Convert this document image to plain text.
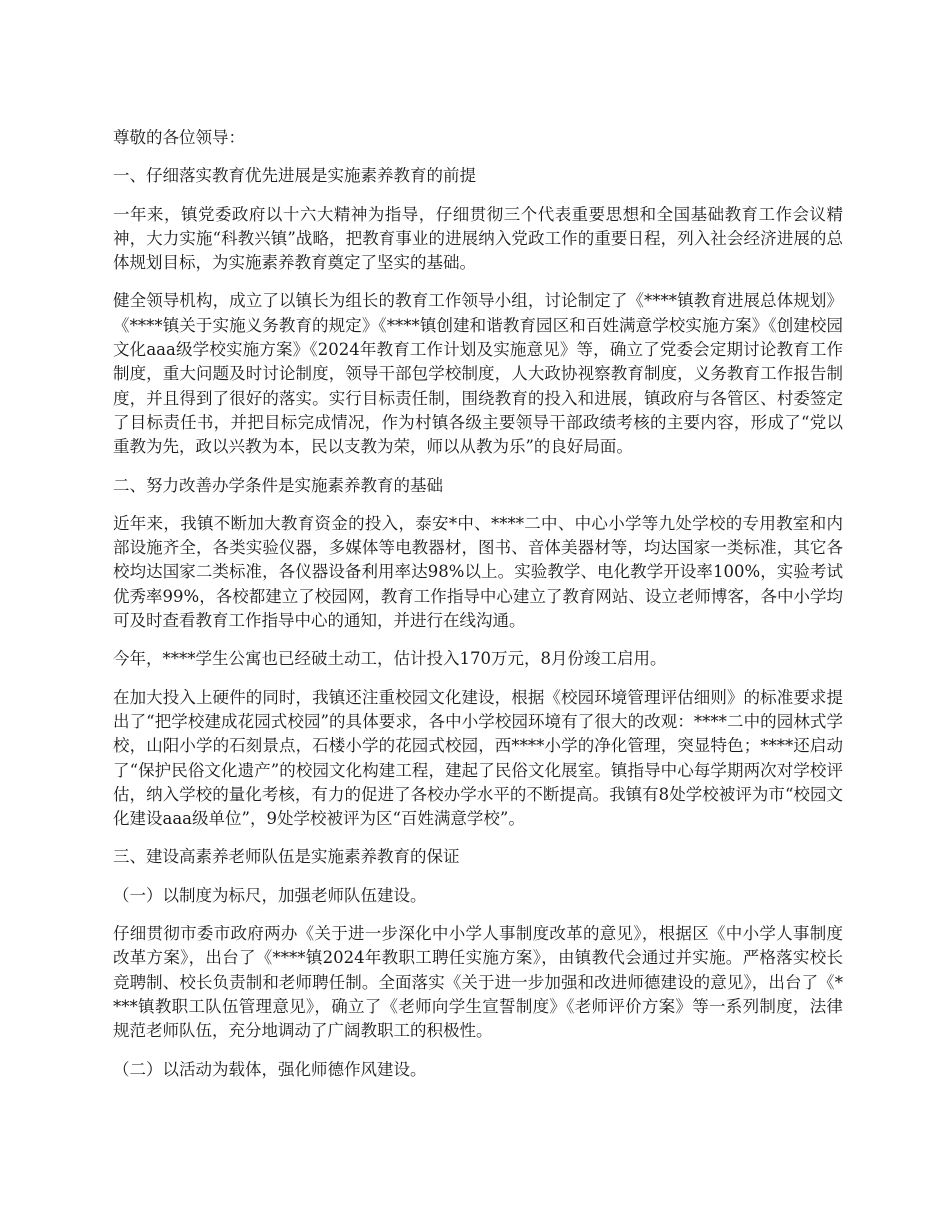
尊敬的各位领导：

一、仔细落实教育优先进展是实施素养教育的前提

一年来，镇党委政府以十六大精神为指导，仔细贯彻三个代表重要思想和全国基础教育工作会议精神，大力实施“科教兴镇”战略，把教育事业的进展纳入党政工作的重要日程，列入社会经济进展的总体规划目标，为实施素养教育奠定了坚实的基础。

健全领导机构，成立了以镇长为组长的教育工作领导小组，讨论制定了《****镇教育进展总体规划》《****镇关于实施义务教育的规定》《****镇创建和谐教育园区和百姓满意学校实施方案》《创建校园文化aaa级学校实施方案》《2024年教育工作计划及实施意见》等，确立了党委会定期讨论教育工作制度，重大问题及时讨论制度，领导干部包学校制度，人大政协视察教育制度，义务教育工作报告制度，并且得到了很好的落实。实行目标责任制，围绕教育的投入和进展，镇政府与各管区、村委签定了目标责任书，并把目标完成情况，作为村镇各级主要领导干部政绩考核的主要内容，形成了“党以重教为先，政以兴教为本，民以支教为荣，师以从教为乐”的良好局面。

二、努力改善办学条件是实施素养教育的基础

近年来，我镇不断加大教育资金的投入，泰安*中、****二中、中心小学等九处学校的专用教室和内部设施齐全，各类实验仪器，多媒体等电教器材，图书、音体美器材等，均达国家一类标准，其它各校均达国家二类标准，各仪器设备利用率达98%以上。实验教学、电化教学开设率100%，实验考试优秀率99%，各校都建立了校园网，教育工作指导中心建立了教育网站、设立老师博客，各中小学均可及时查看教育工作指导中心的通知，并进行在线沟通。

今年，****学生公寓也已经破土动工，估计投入170万元，8月份竣工启用。

在加大投入上硬件的同时，我镇还注重校园文化建设，根据《校园环境管理评估细则》的标准要求提出了“把学校建成花园式校园”的具体要求，各中小学校园环境有了很大的改观：****二中的园林式学校，山阳小学的石刻景点，石楼小学的花园式校园，西****小学的净化管理，突显特色；****还启动了“保护民俗文化遗产”的校园文化构建工程，建起了民俗文化展室。镇指导中心每学期两次对学校评估，纳入学校的量化考核，有力的促进了各校办学水平的不断提高。我镇有8处学校被评为市“校园文化建设aaa级单位”，9处学校被评为区“百姓满意学校”。

三、建设高素养老师队伍是实施素养教育的保证

（一）以制度为标尺，加强老师队伍建设。

仔细贯彻市委市政府两办《关于进一步深化中小学人事制度改革的意见》，根据区《中小学人事制度改革方案》，出台了《****镇2024年教职工聘任实施方案》，由镇教代会通过并实施。严格落实校长竞聘制、校长负责制和老师聘任制。全面落实《关于进一步加强和改进师德建设的意见》，出台了《****镇教职工队伍管理意见》，确立了《老师向学生宣誓制度》《老师评价方案》等一系列制度，法律规范老师队伍，充分地调动了广阔教职工的积极性。

（二）以活动为载体，强化师德作风建设。
